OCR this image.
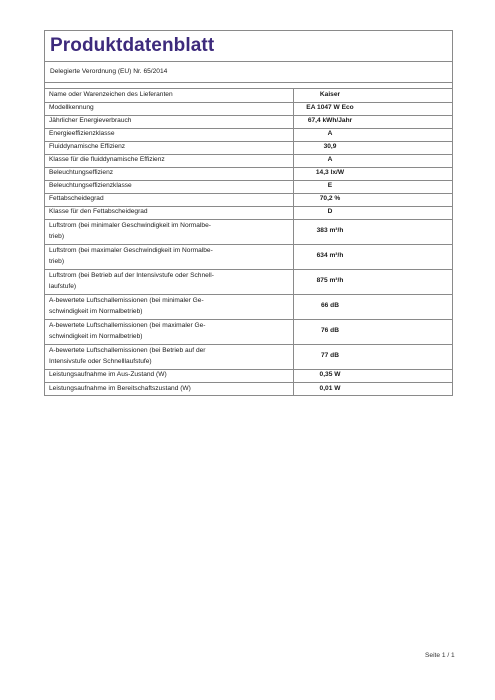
Produktdatenblatt
Delegierte Verordnung (EU) Nr. 65/2014
Name oder Warenzeichen des Lieferanten	Kaiser
Modellkennung	EA 1047 W Eco
Jährlicher Energieverbrauch	67,4 kWh/Jahr
Energieeffizienzklasse	A
Fluiddynamische Effizienz	30,9
Klasse für die fluiddynamische Effizienz	A
Beleuchtungseffizienz	14,3 lx/W
Beleuchtungseffizienzklasse	E
Fettabscheidegrad	70,2 %
Klasse für den Fettabscheidegrad	D
Luftstrom (bei minimaler Geschwindigkeit im Normalbe-
trieb)	383 m³/h
Luftstrom (bei maximaler Geschwindigkeit im Normalbe-
trieb)	634 m³/h
Luftstrom (bei Betrieb auf der Intensivstufe oder Schnell-
laufstufe)	875 m³/h
A-bewertete Luftschallemissionen (bei minimaler Ge-
schwindigkeit im Normalbetrieb)	66 dB
A-bewertete Luftschallemissionen (bei maximaler Ge-
schwindigkeit im Normalbetrieb)	76 dB
A-bewertete Luftschallemissionen (bei Betrieb auf der
Intensivstufe oder Schnelllaufstufe)	77 dB
Leistungsaufnahme im Aus-Zustand (W)	0,35 W
Leistungsaufnahme im Bereitschaftszustand (W)	0,01 W
Seite 1 / 1
